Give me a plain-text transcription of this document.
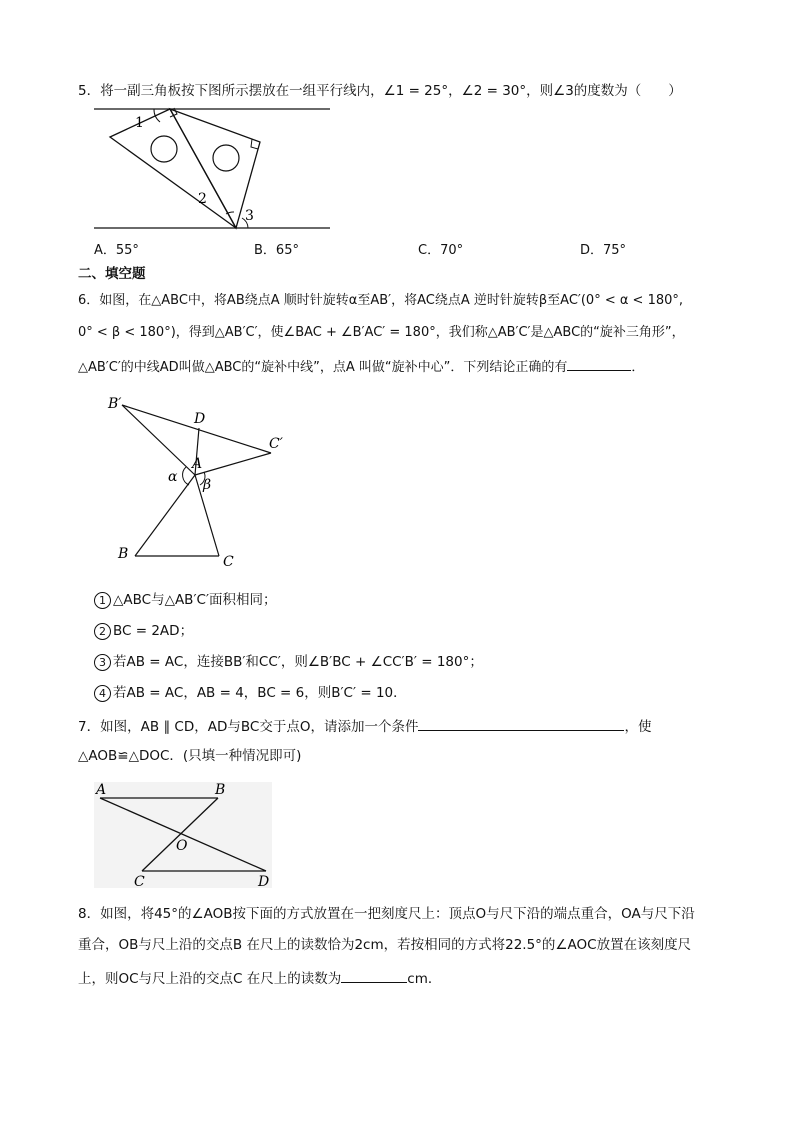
5．将一副三角板按下图所示摆放在一组平行线内，∠1 = 25°，∠2 = 30°，则∠3的度数为（　　）
1
2
3
A．55°	B．65°	C．70°	D．75°
二、填空题
6．如图，在△ABC中，将AB绕点A 顺时针旋转α至AB′，将AC绕点A 逆时针旋转β至AC′(0° < α < 180°,
0° < β < 180°)，得到△AB′C′，使∠BAC + ∠B′AC′ = 180°，我们称△AB′C′是△ABC的“旋补三角形”，
△AB′C′的中线AD叫做△ABC的“旋补中线”，点A 叫做“旋补中心”．下列结论正确的有	．
B′
D
C′
A
α β
B	C
1 △ABC与△AB′C′面积相同；
2 BC = 2AD；
3 若AB = AC，连接BB′和CC′，则∠B′BC + ∠CC′B′ = 180°；
4 若AB = AC，AB = 4，BC = 6，则B′C′ = 10．
7．如图，AB ∥ CD，AD与BC交于点O，请添加一个条件	，使
△AOB≌△DOC．(只填一种情况即可)
A	B
O
C	D
8．如图，将45°的∠AOB按下面的方式放置在一把刻度尺上：顶点O与尺下沿的端点重合，OA与尺下沿
重合，OB与尺上沿的交点B 在尺上的读数恰为2cm，若按相同的方式将22.5°的∠AOC放置在该刻度尺
上，则OC与尺上沿的交点C 在尺上的读数为	cm．
